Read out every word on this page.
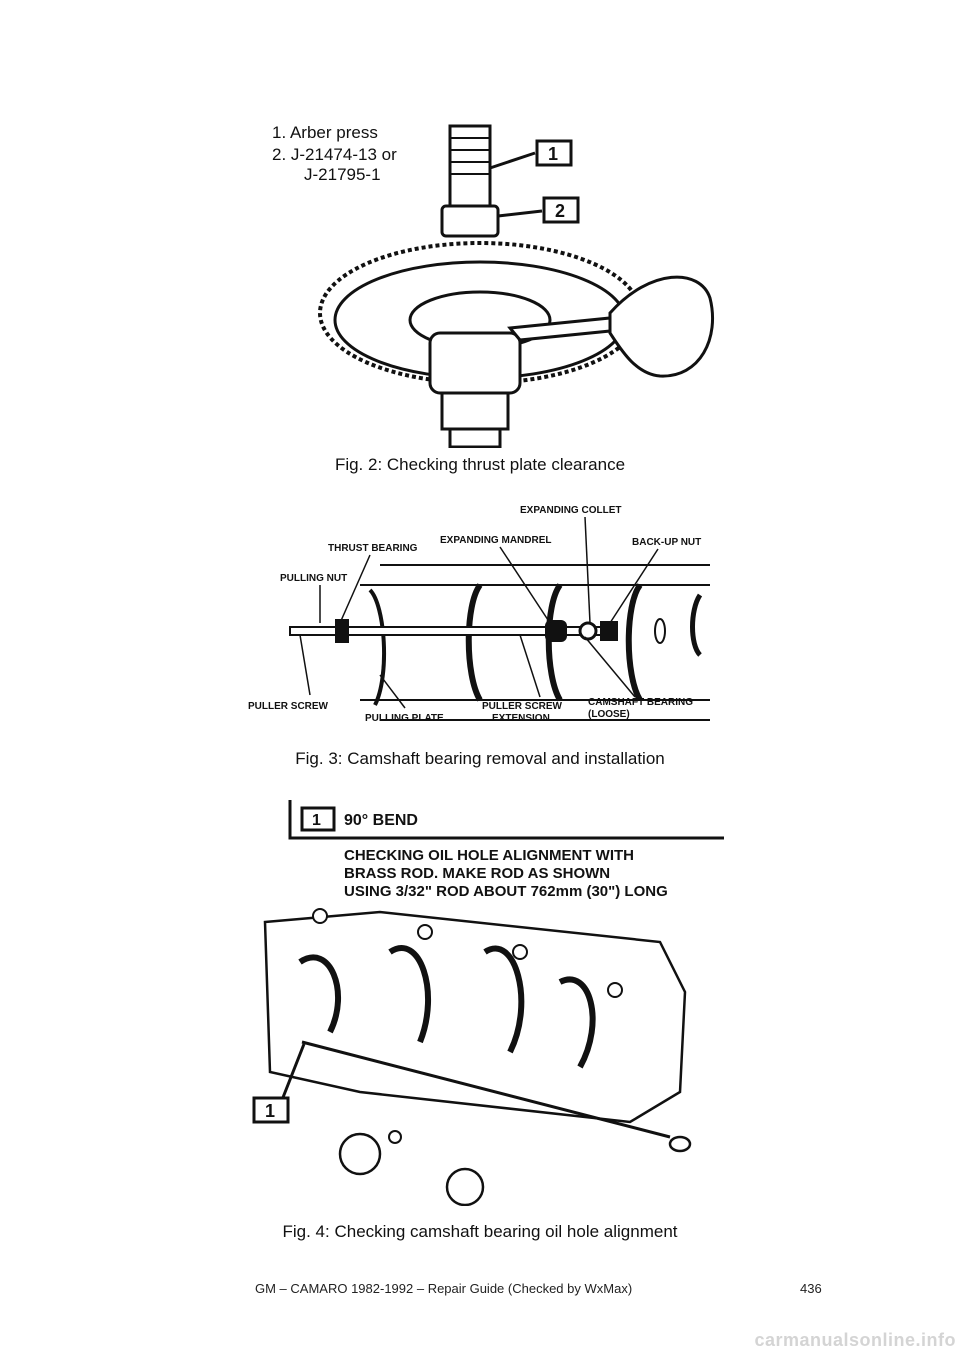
1. Arber press
2. J-21474-13 or
J-21795-1
1
2
Fig. 2: Checking thrust plate clearance
EXPANDING COLLET
THRUST BEARING
EXPANDING MANDREL	BACK-UP NUT
PULLING NUT
PULLER SCREW
PULLING PLATE
PULLER SCREW
EXTENSION
CAMSHAFT BEARING
(LOOSE)
Fig. 3: Camshaft bearing removal and installation
1 90° BEND
CHECKING OIL HOLE ALIGNMENT WITH
BRASS ROD. MAKE ROD AS SHOWN
USING 3/32" ROD ABOUT 762mm (30") LONG
1
Fig. 4: Checking camshaft bearing oil hole alignment
GM – CAMARO 1982-1992 – Repair Guide (Checked by WxMax)	436
carmanualsonline.info
